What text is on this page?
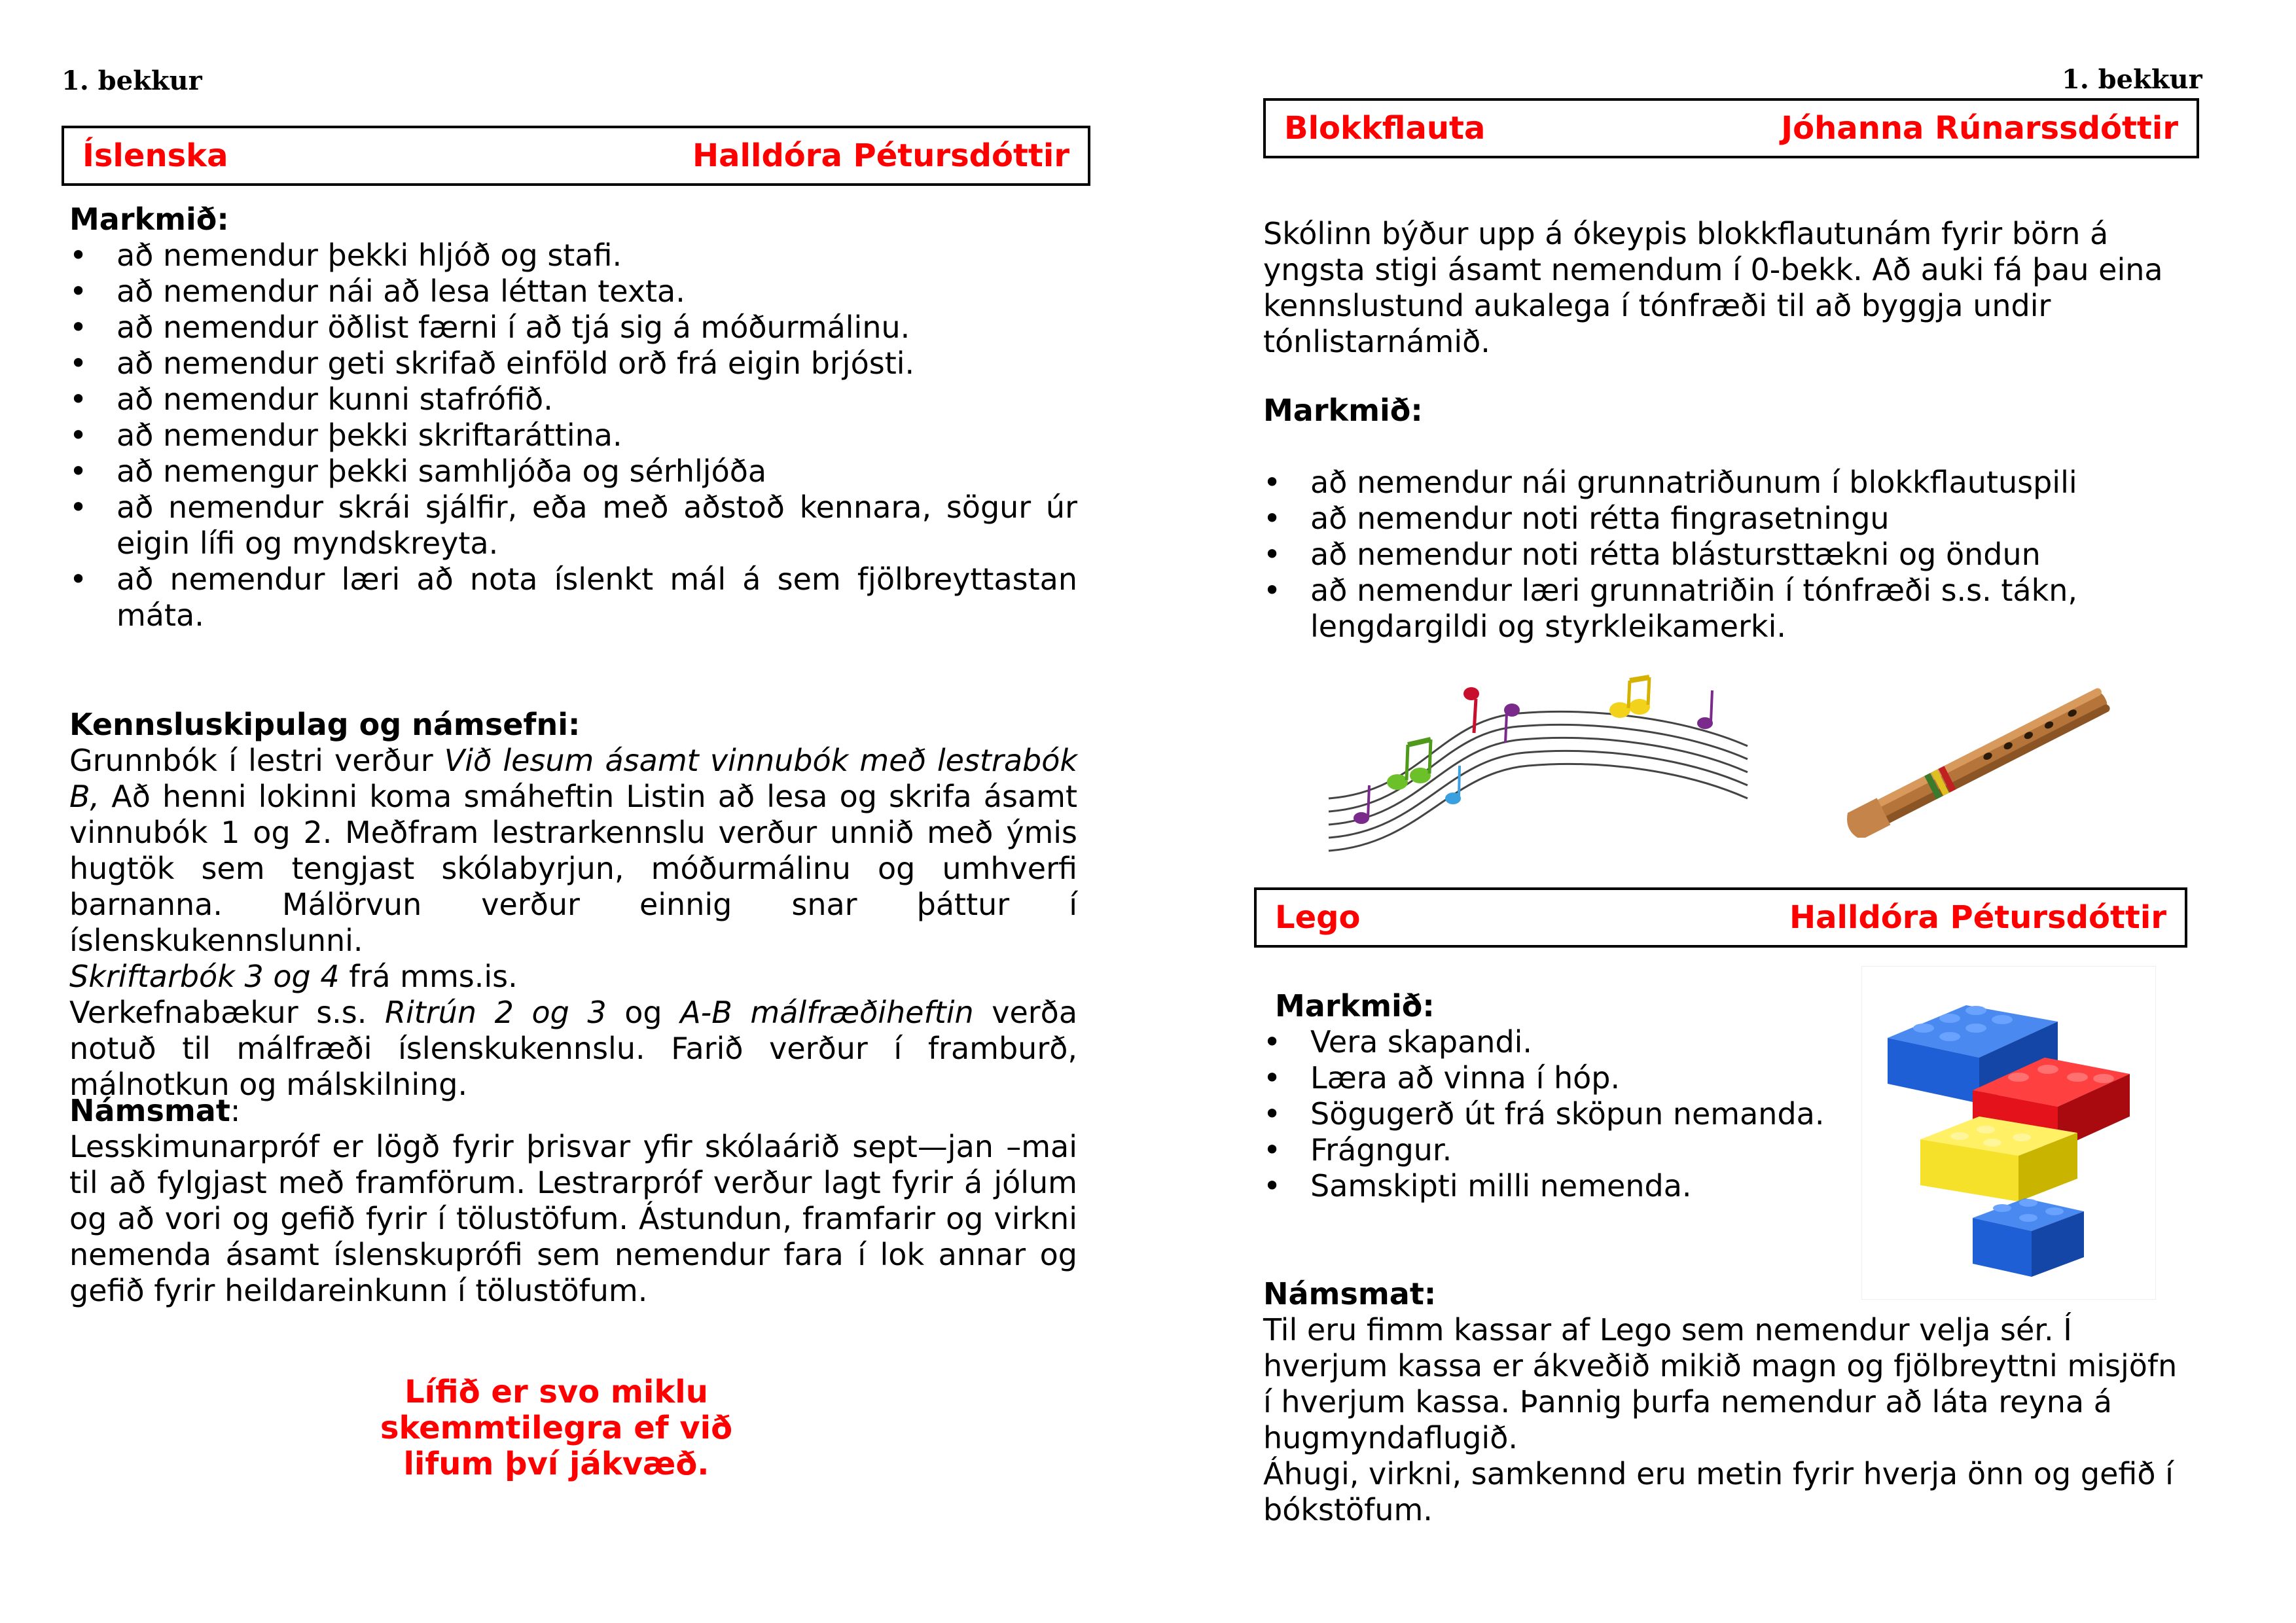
1. bekkur
Íslenska	Halldóra Pétursdóttir

Markmið:

• að nemendur þekki hljóð og stafi.
• að nemendur nái að lesa léttan texta.
• að nemendur öðlist færni í að tjá sig á móðurmálinu.
• að nemendur geti skrifað einföld orð frá eigin brjósti.
• að nemendur kunni stafrófið.
• að nemendur þekki skriftaráttina.
• að nemengur þekki samhljóða og sérhljóða
• að nemendur skrái sjálfir, eða með aðstoð kennara, sögur úr eigin lífi og myndskreyta.
• að nemendur læri að nota íslenkt mál á sem fjölbreyttastan máta.

Kennsluskipulag og námsefni:

Grunnbók í lestri verður Við lesum ásamt vinnubók með lestrabók B, Að henni lokinni koma smáheftin Listin að lesa og skrifa ásamt vinnubók 1 og 2. Meðfram lestrarkennslu verður unnið með ýmis hugtök sem tengjast skólabyrjun, móðurmálinu og umhverfi barnanna. Málörvun verður einnig snar þáttur í íslenskukennslunni.

Skriftarbók 3 og 4 frá mms.is.

Verkefnabækur s.s. Ritrún 2 og 3 og A-B málfræðiheftin verða notuð til málfræði íslenskukennslu. Farið verður í framburð, málnotkun og málskilning.

Námsmat:

Lesskimunarpróf er lögð fyrir þrisvar yfir skólaárið sept—jan –mai til að fylgjast með framförum. Lestrarpróf verður lagt fyrir á jólum og að vori og gefið fyrir í tölustöfum. Ástundun, framfarir og virkni nemenda ásamt íslenskuprófi sem nemendur fara í lok annar og gefið fyrir heildareinkunn í tölustöfum.

Lífið er svo miklu
skemmtilegra ef við
lifum því jákvæð.
1. bekkur
Blokkflauta	Jóhanna Rúnarssdóttir

Skólinn býður upp á ókeypis blokkflautunám fyrir börn á yngsta stigi ásamt nemendum í 0-bekk. Að auki fá þau eina kennslustund aukalega í tónfræði til að byggja undir tónlistarnámið.

Markmið:

• að nemendur nái grunnatriðunum í blokkflautuspili
• að nemendur noti rétta fingrasetningu
• að nemendur noti rétta blástursttækni og öndun
• að nemendur læri grunnatriðin í tónfræði s.s. tákn, lengdargildi og styrkleikamerki.
Lego	Halldóra Pétursdóttir

Markmið:

• Vera skapandi.
• Læra að vinna í hóp.
• Sögugerð út frá sköpun nemanda.
• Frágngur.
• Samskipti milli nemenda.

Námsmat:

Til eru fimm kassar af Lego sem nemendur velja sér. Í hverjum kassa er ákveðið mikið magn og fjölbreyttni misjöfn í hverjum kassa. Þannig þurfa nemendur að láta reyna á hugmyndaflugið.

Áhugi, virkni, samkennd eru metin fyrir hverja önn og gefið í bókstöfum.
